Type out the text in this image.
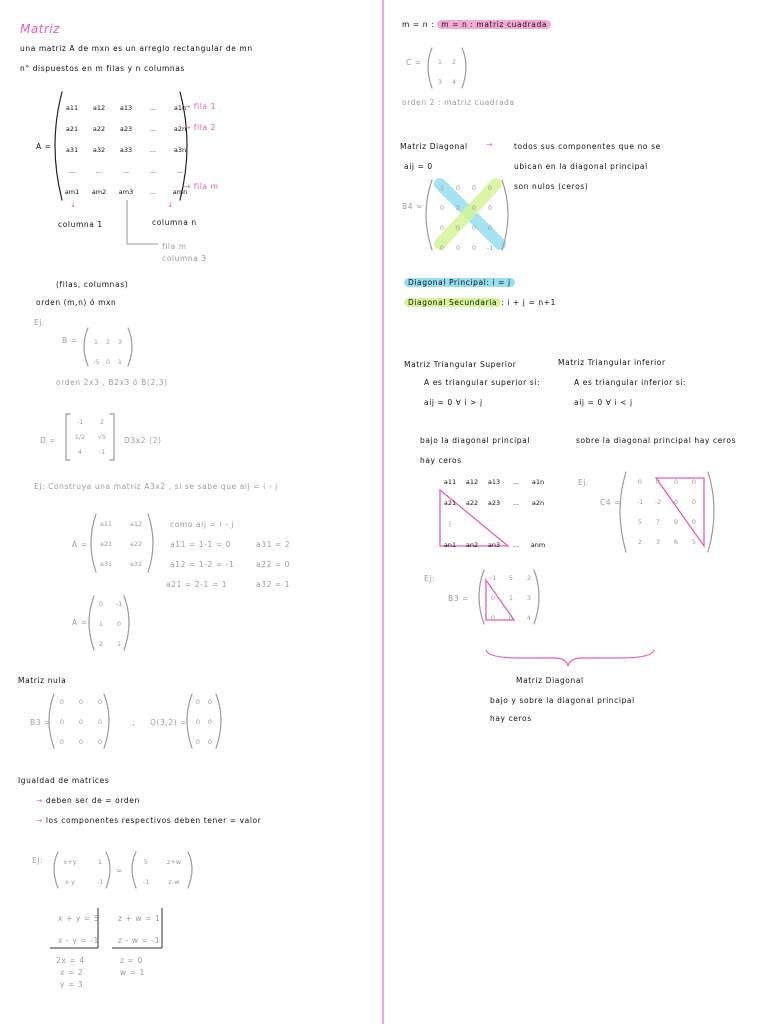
Matriz
una matriz A de mxn es un arreglo rectangular de mn
n° dispuestos en m filas y n columnas
A =
a11 a12 a13	...	a1n
a21 a22 a23	...	a2n
a31 a32 a33	...	a3n
...	...	...	...	...
am1 am2 am3	...	amn
→ fila 1
→ fila 2
→ fila m
↓	↓
columna 1	columna n
fila m
columna 3
(filas, columnas)
orden (m,n) ó mxn
Ej:
B =	1 2 3
-5 0 1
orden 2x3 , B2x3 ó B(2,3)
D =
-1	2
1/2 √5
4	-1
D3x2 (2)
Ej: Construya una matriz A3x2 , si se sabe que aij = i - j
A =
a11	a12
a21	a22
a31	a32
como aij = i - j
a11 = 1-1 = 0
a12 = 1-2 = -1
a21 = 2-1 = 1
a31 = 2
a22 = 0
a32 = 1
A =
0 -1
1 0
2 1
Matriz nula
B3 =
0 0 0
0 0 0
0 0 0
; O(3,2) =
0 0
0 0
0 0
Igualdad de matrices
→ deben ser de = orden
→ los componentes respectivos deben tener = valor
Ej:	x+y	1
x-y	-1
=
5	z+w
-1	z-w
x + y = 5
x - y = -1
z + w = 1
z - w = -1
2x = 4
x = 2
y = 3
z = 0
w = 1
m = n : m = n : matriz cuadrada
C = 1 2
3 4
orden 2 : matriz cuadrada
Matriz Diagonal →	todos sus componentes que no se
ubican en la diagonal principal
son nulos (ceros)
aij = 0
B4 =
1 0 0 0
0 2 0 0
0 0 0 0
0 0 0 -1
Diagonal Principal: i = j
Diagonal Secundaria : i + j = n+1
Matriz Triangular Superior
A es triangular superior si:
aij = 0 ∀ i > j
Matriz Triangular inferior
A es triangular inferior si:
aij = 0 ∀ i < j
bajo la diagonal principal
hay ceros
sobre la diagonal principal hay ceros
a11 a12 a13 ... a1n
a21 a22 a23 ... a2n
⋮
an1 an2 an3 ... anm
Ej:
C4 =
0 0 0 0
-1 -2 0 0
5 7 9 0
2 3 6 5
Ej:
B3 =
-1 5 2
0 1 3
0 0 4
Matriz Diagonal
bajo y sobre la diagonal principal
hay ceros
